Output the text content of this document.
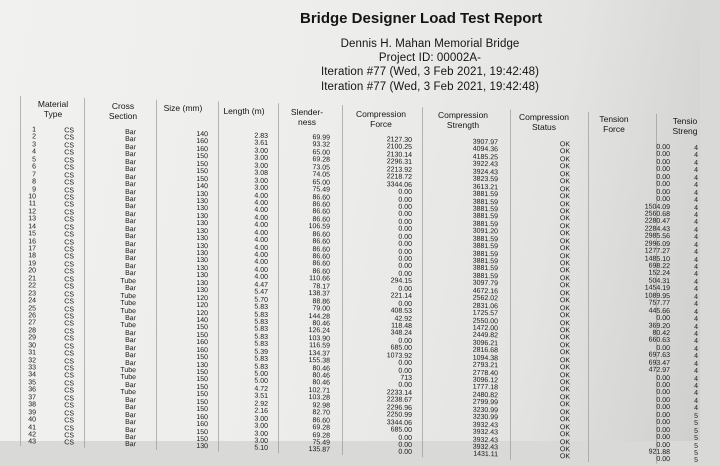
Bridge Designer Load Test Report
Dennis H. Mahan Memorial Bridge
Project ID: 00002A-
Iteration #77 (Wed, 3 Feb 2021, 19:42:48)
Iteration #77 (Wed, 3 Feb 2021, 19:42:48)
Material Type
Cross Section
Size (mm) Length (m)	Slender- ness
Compression Force
Compression Strength
Compression Status
Tension Force
Tensio Streng
1
2
3
4
5
6
7
8
9
10
11
12
13
14
15
16
17
18
19
20
21
22
23
24
25
26
27
28
29
30
31
32
33
34
35
36
37
38
39
40
41
42
43
CS
CS
CS
CS
CS
CS
CS
CS
CS
CS
CS
CS
CS
CS
CS
CS
CS
CS
CS
CS
CS
CS
CS
CS
CS
CS
CS
CS
CS
CS
CS
CS
CS
CS
CS
CS
CS
CS
CS
CS
CS
CS
CS
Bar
Bar
Bar
Bar
Bar
Bar
Bar
Bar
Bar
Bar
Bar
Bar
Bar
Bar
Bar
Bar
Bar
Bar
Bar
Bar
Tube
Bar
Tube
Tube
Tube
Bar
Tube
Bar
Bar
Bar
Bar
Bar
Tube
Tube
Bar
Tube
Bar
Bar
Bar
Bar
Bar
Bar
Bar
140
160
160
150
150
150
150
140
130
130
130
130
130
130
130
130
130
130
130
130
130
130
120
120
120
140
150
150
160
160
150
130
150
150
150
150
150
150
160
160
150
150
130
2.83
3.61
3.00
3.00
3.00
3.08
3.00
3.00
4.00
4.00
4.00
4.00
4.00
4.00
4.00
4.00
4.00
4.00
4.00
4.00
4.47
5.47
5.70
5.83
5.83
5.83
5.83
5.83
5.83
5.39
5.83
5.83
5.00
5.00
4.72
3.51
2.92
2.16
3.00
3.00
3.00
3.00
5.10
69.99
93.32
65.00
69.28
73.05
74.05
65.00
75.49
86.60
86.60
86.60
86.60
106.59
86.60
86.60
86.60
86.60
86.60
86.60
110.66
78.17
138.37
88.86
79.00
144.28
80.46
126.24
103.90
116.59
134.37
155.38
80.46
80.46
80.46
102.71
103.28
92.98
82.70
86.60
69.28
69.28
75.49
135.87
2127.30
2100.25
2130.14
2296.31
2213.92
2218.72
3344.06
0.00
0.00
0.00
0.00
0.00
0.00
0.00
0.00
0.00
0.00
0.00
0.00
294.15
0.00
221.14
0.00
408.53
42.92
118.48
348.24
0.00
685.00
1073.92
0.00
0.00
713
0.00
2233.14
2238.67
2296.96
2250.99
3344.06
685.00
0.00
0.00
0.00
3907.97
4094.36
4185.25
3922.43
3924.43
3823.59
3613.21
3881.59
3881.59
3881.59
3881.59
3881.59
3091.20
3881.59
3881.59
3881.59
3881.59
3881.59
3881.59
3097.79
4672.16
2562.02
2831.06
1725.57
2550.00
1472.00
2449.82
3096.21
2816.68
1094.38
2793.21
2778.40
3096.12
1777.18
2480.82
2799.99
3230.99
3230.99
3932.43
3932.43
3932.43
3932.43
1431.11
OK
OK
OK
OK
OK
OK
OK
OK
OK
OK
OK
OK
OK
OK
OK
OK
OK
OK
OK
OK
OK
OK
OK
OK
OK
OK
OK
OK
OK
OK
OK
OK
OK
OK
OK
OK
OK
OK
OK
OK
OK
OK
OK
0.00
0.00
0.00
0.00
0.00
0.00
0.00
0.00
1504.09
2560.68
2280.47
2284.43
2985.56
2996.09
1277.27
1485.10
698.22
152.24
504.31
1454.19
1089.95
757.77
445.66
0.00
369.20
80.42
660.63
0.00
697.63
693.47
472.97
0.00
0.00
0.00
0.00
0.00
0.00
0.00
0.00
0.00
0.00
921.88
0.00
4
4
4
4
4
4
4
4
4
4
4
4
4
4
4
4
4
4
4
4
4
4
4
4
4
4
4
4
4
4
4
4
4
4
4
4
5
5
5
5
5
5
5
